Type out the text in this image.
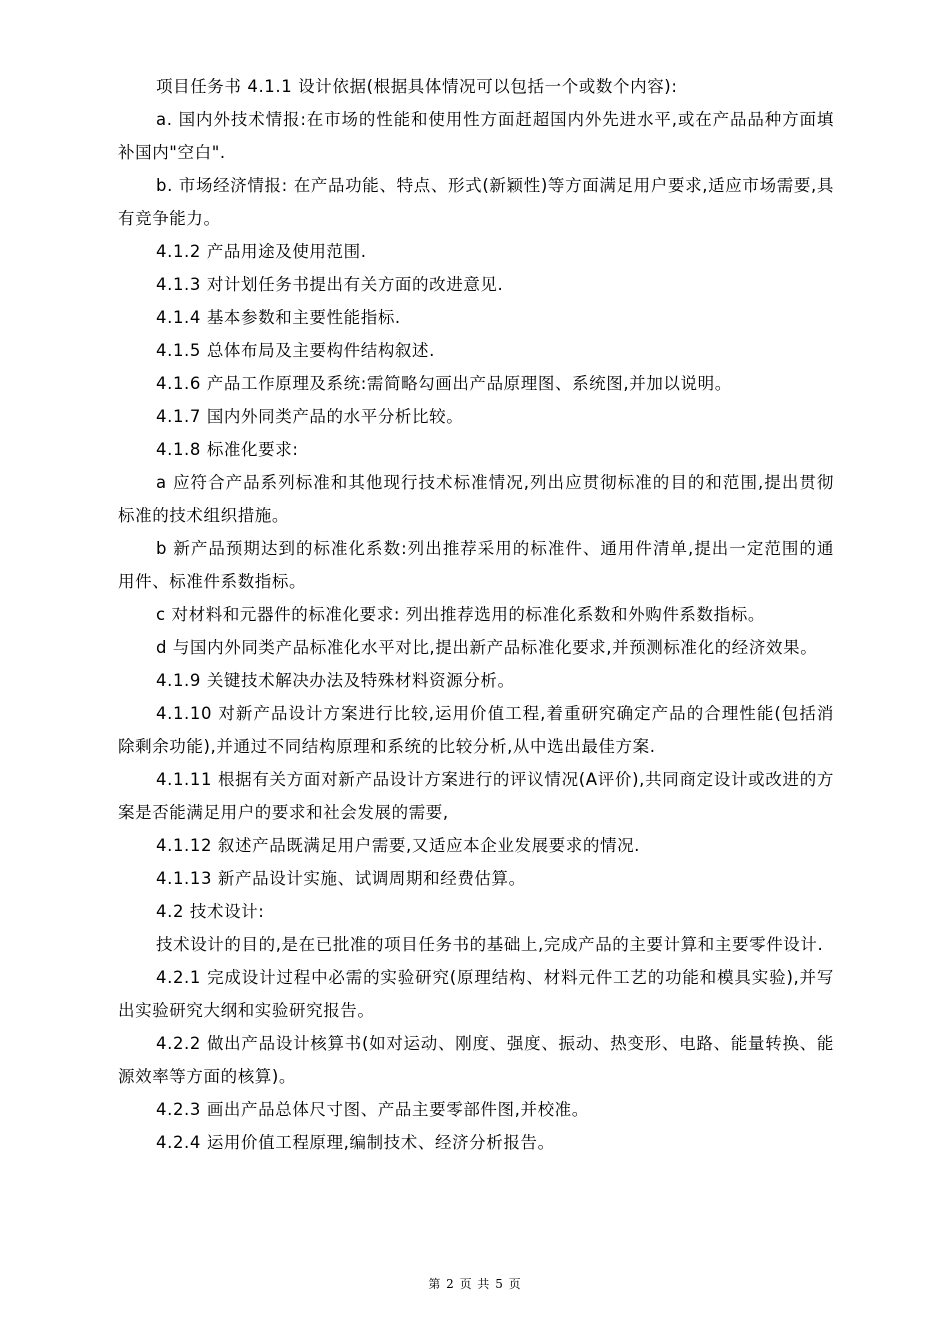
项目任务书 4.1.1 设计依据(根据具体情况可以包括一个或数个内容):

a. 国内外技术情报:在市场的性能和使用性方面赶超国内外先进水平,或在产品品种方面填补国内"空白".

b. 市场经济情报: 在产品功能、特点、形式(新颖性)等方面满足用户要求,适应市场需要,具有竞争能力。

4.1.2 产品用途及使用范围.

4.1.3 对计划任务书提出有关方面的改进意见.

4.1.4 基本参数和主要性能指标.

4.1.5 总体布局及主要构件结构叙述.

4.1.6 产品工作原理及系统:需简略勾画出产品原理图、系统图,并加以说明。

4.1.7 国内外同类产品的水平分析比较。

4.1.8 标准化要求:

a 应符合产品系列标准和其他现行技术标准情况,列出应贯彻标准的目的和范围,提出贯彻标准的技术组织措施。

b 新产品预期达到的标准化系数:列出推荐采用的标准件、通用件清单,提出一定范围的通用件、标准件系数指标。

c 对材料和元器件的标准化要求: 列出推荐选用的标准化系数和外购件系数指标。

d 与国内外同类产品标准化水平对比,提出新产品标准化要求,并预测标准化的经济效果。

4.1.9 关键技术解决办法及特殊材料资源分析。

4.1.10 对新产品设计方案进行比较,运用价值工程,着重研究确定产品的合理性能(包括消除剩余功能),并通过不同结构原理和系统的比较分析,从中选出最佳方案.

4.1.11 根据有关方面对新产品设计方案进行的评议情况(A评价),共同商定设计或改进的方案是否能满足用户的要求和社会发展的需要,

4.1.12 叙述产品既满足用户需要,又适应本企业发展要求的情况.

4.1.13 新产品设计实施、试调周期和经费估算。

4.2 技术设计:

技术设计的目的,是在已批准的项目任务书的基础上,完成产品的主要计算和主要零件设计.

4.2.1 完成设计过程中必需的实验研究(原理结构、材料元件工艺的功能和模具实验),并写出实验研究大纲和实验研究报告。

4.2.2 做出产品设计核算书(如对运动、刚度、强度、振动、热变形、电路、能量转换、能源效率等方面的核算)。

4.2.3 画出产品总体尺寸图、产品主要零部件图,并校准。

4.2.4 运用价值工程原理,编制技术、经济分析报告。

第 2 页 共 5 页
